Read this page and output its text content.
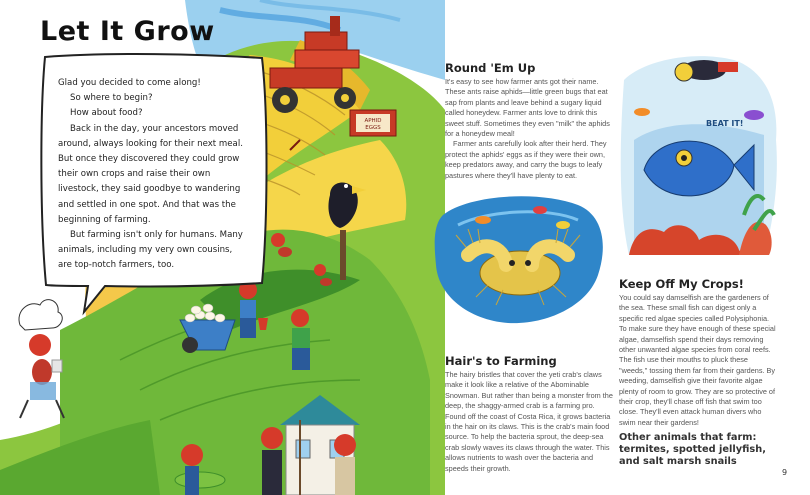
APHID EGGS
Let It Grow

Glad you decided to come along!

So where to begin?

How about food?

Back in the day, your ancestors moved around, always looking for their next meal. But once they discovered they could grow their own crops and raise their own livestock, they said goodbye to wandering and settled in one spot. And that was the beginning of farming.

But farming isn't only for humans. Many animals, including my very own cousins, are top-notch farmers, too.

Round 'Em Up

It's easy to see how farmer ants got their name. These ants raise aphids—little green bugs that eat sap from plants and leave behind a sugary liquid called honeydew. Farmer ants love to drink this sweet stuff. Sometimes they even "milk" the aphids for a honeydew meal!

Farmer ants carefully look after their herd. They protect the aphids' eggs as if they were their own, keep predators away, and carry the bugs to leafy pastures where they'll have plenty to eat.

BEAT IT!
Keep Off My Crops!

You could say damselfish are the gardeners of the sea. These small fish can digest only a specific red algae species called Polysiphonia. To make sure they have enough of these special algae, damselfish spend their days removing other unwanted algae species from coral reefs. The fish use their mouths to pluck these "weeds," tossing them far from their gardens. By weeding, damselfish give their favorite algae plenty of room to grow. They are so protective of their crop, they'll chase off fish that swim too close. They'll even attack human divers who swim near their gardens!

Hair's to Farming

The hairy bristles that cover the yeti crab's claws make it look like a relative of the Abominable Snowman. But rather than being a monster from the deep, the shaggy-armed crab is a farming pro. Found off the coast of Costa Rica, it grows bacteria in the hair on its claws. This is the crab's main food source. To help the bacteria sprout, the deep-sea crab slowly waves its claws through the water. This allows nutrients to wash over the bacteria and speeds their growth.

Other animals that farm: termites, spotted jellyfish, and salt marsh snails
9
